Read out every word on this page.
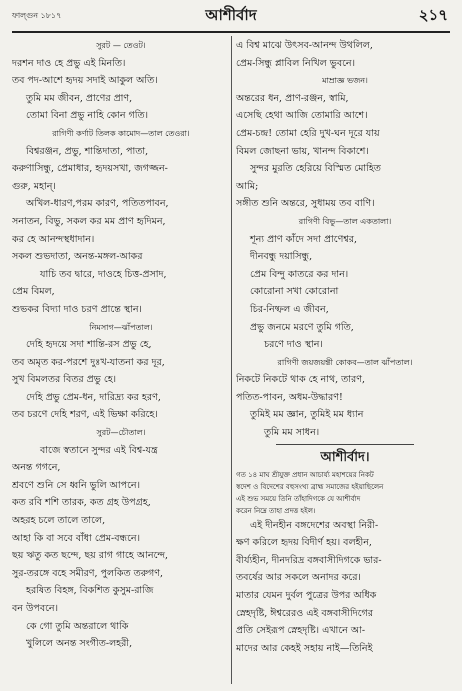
ফাল্গুন ১৮১৭	আশীর্বাদ	২১৭
সুরট — তেওট।
দরশন দাও হে প্রভু এই মিনতি।
তব পদ-আশে হৃদয় সদাই আকুল অতি।
তুমি মম জীবন, প্রাণের প্রাণ,
তোমা বিনা প্রভু নাহি কোন গতি।
রাগিণী কর্ণাট তিলক কামোদ—তাল তেওরা।
বিশ্বরঞ্জন, প্রভু, শান্তিদাতা, পাতা,
করুণাসিন্ধু, প্রেমাধার, হৃদয়সখা, জগজ্জন-
গুরু, মহান্।
অখিল-ধারণ,পরম কারণ, পতিতপাবন,
সনাতন, বিভু, সকল কর মম প্রাণ হৃদিমন,
কর হে আনন্দস্থধাদান।
সকল শুভদাতা, অনন্ত-মঙ্গল-আকর
যাচি তব দ্বারে, দাওহে চিত্ত-প্রসাদ,
প্রেম বিমল,
শুভকর বিদ্যা দাও চরণ প্রান্তে স্থান।
নিমসাগ—ঝাঁপতাল।
দেহি হৃদয়ে সদা শান্তি-রস প্রভু হে,
তব অমৃত কর-পরশে দুঃখ-যাতনা কর দূর,
সুখ বিমলতর বিতর প্রভু হে।
দেহি প্রভু প্রেম-ধন, দারিদ্র্য কর হরণ,
তব চরণে দেহি শরণ, এই ভিক্ষা করিহে।
সুরট—চৌতাল।
বাজে স্বতানে সুন্দর এই বিশ্ব-যন্ত্র
অনন্ত গগনে,
শ্রবণে শুনি সে ধ্বনি ভুলি আপনে।
কত রবি শশি তারক, কত গ্রহ উপগ্রহ,
অহরহ চলে তালে তালে,
আহা কি বা সবে বাঁধা প্রেম-বন্ধনে।
ছয় ঋতু কত ছন্দে, ছয় রাগ গাহে আনন্দে,
সুর-তরঙ্গে বহে সমীরণ, পুলকিত তরুগণ,
হরষিত বিহঙ্গ, বিকশিত কুসুম-রাজি
বন উপবনে।
কে গো তুমি অন্তরালে থাকি
খুলিলে অনন্ত সংগীত-লহরী,
এ বিশ্ব মাঝে উৎসব-আনন্দ উথলিল,
প্রেম-সিন্ধু প্লাবিল নিখিল ভুবনে।
মাম্রাজ্ঞ ভজন।
অন্তরের ধন, প্রাণ-রঞ্জন, স্বামি,
এসেছি হেথা আজি তোমারি আশে।
প্রেম-চন্দ্র! তোমা হেরি দুখ-ঘন দূরে যায়
বিমল জোছনা ভায়, খানন্দ বিকাশে।
সুন্দর মুরতি হেরিয়ে বিস্মিত মোহিত
আমি;
সঙ্গীত শুনি অন্তরে, সুধাময় তব বাণি।
রাগিণী বিভু—তাল একতালা।
শূন্য প্রাণ কাঁদে সদা প্রাণেশ্বর,
দীনবন্ধু দয়াসিন্ধু,
প্রেম বিন্দু কাতরে কর দান।
কোরোনা সখা কোরোনা
চির-নিষ্ফল এ জীবন,
প্রভু জনমে মরণে তুমি গতি,
চরণে দাও স্থান।
রাগিণী জয়জয়ন্তী কোকব—তাল ঝাঁপতাল।
নিকটে নিকটে থাক হে নাথ, তারণ,
পতিত-পাবন, অধম-উদ্ধারণ!
তুমিই মম জ্ঞান, তুমিই মম ধ্যান
তুমি মম সাধন।
আশীর্বাদ।
গত ১৪ মাঘ শ্রীযুক্ত প্রধান আচার্য্য মহাশয়ের নিকট
স্বদেশ ও বিদেশের বহুসংখ্য ব্রাহ্ম সমাজের হইয়াছিলেন
এই শুভ সময়ে তিনি তাঁহাদিগকে যে আশীর্বাদ
করেন নিম্নে তাহা প্রদত্ত হইল।
এই দীনহীন বঙ্গদেশের অবস্থা নিরী-
ক্ষণ করিলে হৃদয় বিদীর্ণ হয়। বলহীন,
বীর্য্যহীন, দীনদরিদ্র বঙ্গবাসীদিগকে ভার-
তবর্ষের আর সকলে অনাদর করে।
মাতার যেমন দুর্বল পুত্রের উপর অধিক
স্নেহদৃষ্টি, ঈশ্বরেরও এই বঙ্গবাসীদিগের
প্রতি সেইরূপ স্নেহদৃষ্টি। এখানে আ-
মাদের আর কেহই সহায় নাই—তিনিই
